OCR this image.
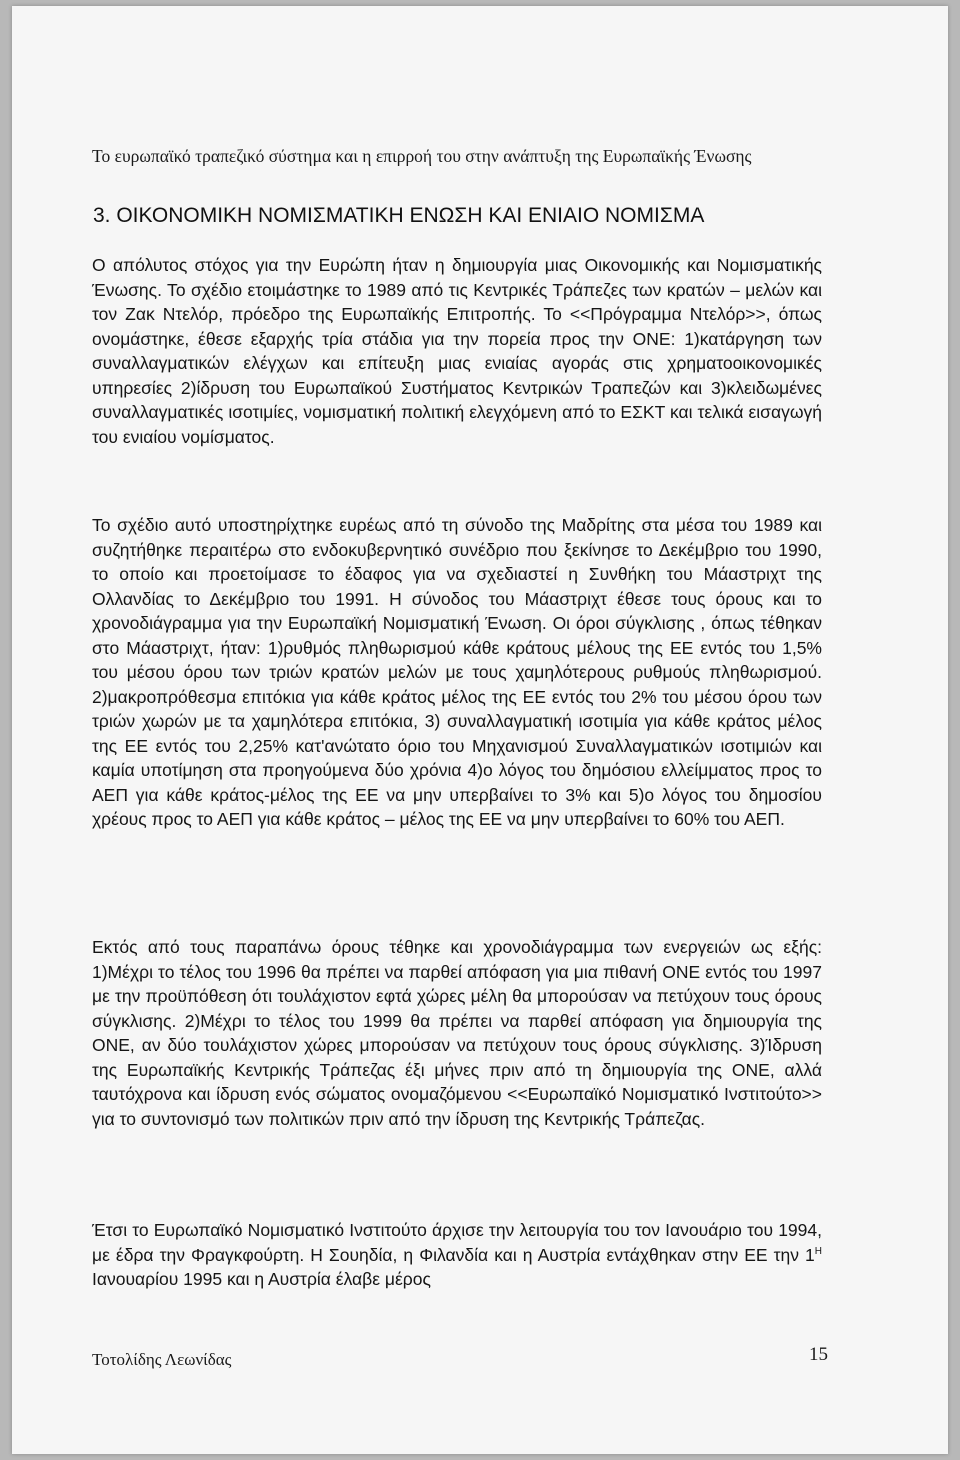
Το ευρωπαϊκό τραπεζικό σύστημα και η επιρροή του στην ανάπτυξη της Ευρωπαϊκής Ένωσης
3. ΟΙΚΟΝΟΜΙΚΗ ΝΟΜΙΣΜΑΤΙΚΗ ΕΝΩΣΗ ΚΑΙ ΕΝΙΑΙΟ ΝΟΜΙΣΜΑ

Ο απόλυτος στόχος για την Ευρώπη ήταν η δημιουργία μιας Οικονομικής και Νομισματικής Ένωσης. Το σχέδιο ετοιμάστηκε το 1989 από τις Κεντρικές Τράπεζες των κρατών – μελών και τον Ζακ Ντελόρ, πρόεδρο της Ευρωπαϊκής Επιτροπής. Το <<Πρόγραμμα Ντελόρ>>, όπως ονομάστηκε, έθεσε εξαρχής τρία στάδια για την πορεία προς την ΟΝΕ: 1)κατάργηση των συναλλαγματικών ελέγχων και επίτευξη μιας ενιαίας αγοράς στις χρηματοοικονομικές υπηρεσίες 2)ίδρυση του Ευρωπαϊκού Συστήματος Κεντρικών Τραπεζών και 3)κλειδωμένες συναλλαγματικές ισοτιμίες, νομισματική πολιτική ελεγχόμενη από το ΕΣΚΤ και τελικά εισαγωγή του ενιαίου νομίσματος.

Το σχέδιο αυτό υποστηρίχτηκε ευρέως από τη σύνοδο της Μαδρίτης στα μέσα του 1989 και συζητήθηκε περαιτέρω στο ενδοκυβερνητικό συνέδριο που ξεκίνησε το Δεκέμβριο του 1990, το οποίο και προετοίμασε το έδαφος για να σχεδιαστεί η Συνθήκη του Μάαστριχτ της Ολλανδίας το Δεκέμβριο του 1991. Η σύνοδος του Μάαστριχτ έθεσε τους όρους και το χρονοδιάγραμμα για την Ευρωπαϊκή Νομισματική Ένωση. Οι όροι σύγκλισης , όπως τέθηκαν στο Μάαστριχτ, ήταν: 1)ρυθμός πληθωρισμού κάθε κράτους μέλους της ΕΕ εντός του 1,5% του μέσου όρου των τριών κρατών μελών με τους χαμηλότερους ρυθμούς πληθωρισμού. 2)μακροπρόθεσμα επιτόκια για κάθε κράτος μέλος της ΕΕ εντός του 2% του μέσου όρου των τριών χωρών με τα χαμηλότερα επιτόκια, 3) συναλλαγματική ισοτιμία για κάθε κράτος μέλος της ΕΕ εντός του 2,25% κατ'ανώτατο όριο του Μηχανισμού Συναλλαγματικών ισοτιμιών και καμία υποτίμηση στα προηγούμενα δύο χρόνια 4)ο λόγος του δημόσιου ελλείμματος προς το ΑΕΠ για κάθε κράτος-μέλος της ΕΕ να μην υπερβαίνει το 3% και 5)ο λόγος του δημοσίου χρέους προς το ΑΕΠ για κάθε κράτος – μέλος της ΕΕ να μην υπερβαίνει το 60% του ΑΕΠ.

Εκτός από τους παραπάνω όρους τέθηκε και χρονοδιάγραμμα των ενεργειών ως εξής: 1)Μέχρι το τέλος του 1996 θα πρέπει να παρθεί απόφαση για μια πιθανή ΟΝΕ εντός του 1997 με την προϋπόθεση ότι τουλάχιστον εφτά χώρες μέλη θα μπορούσαν να πετύχουν τους όρους σύγκλισης. 2)Μέχρι το τέλος του 1999 θα πρέπει να παρθεί απόφαση για δημιουργία της ΟΝΕ, αν δύο τουλάχιστον χώρες μπορούσαν να πετύχουν τους όρους σύγκλισης. 3)Ίδρυση της Ευρωπαϊκής Κεντρικής Τράπεζας έξι μήνες πριν από τη δημιουργία της ΟΝΕ, αλλά ταυτόχρονα και ίδρυση ενός σώματος ονομαζόμενου <<Ευρωπαϊκό Νομισματικό Ινστιτούτο>> για το συντονισμό των πολιτικών πριν από την ίδρυση της Κεντρικής Τράπεζας.

Έτσι το Ευρωπαϊκό Νομισματικό Ινστιτούτο άρχισε την λειτουργία του τον Ιανουάριο του 1994, με έδρα την Φραγκφούρτη. Η Σουηδία, η Φιλανδία και η Αυστρία εντάχθηκαν στην ΕΕ την $1^H$ Ιανουαρίου 1995 και η Αυστρία έλαβε μέρος

Τοτολίδης Λεωνίδας	15
